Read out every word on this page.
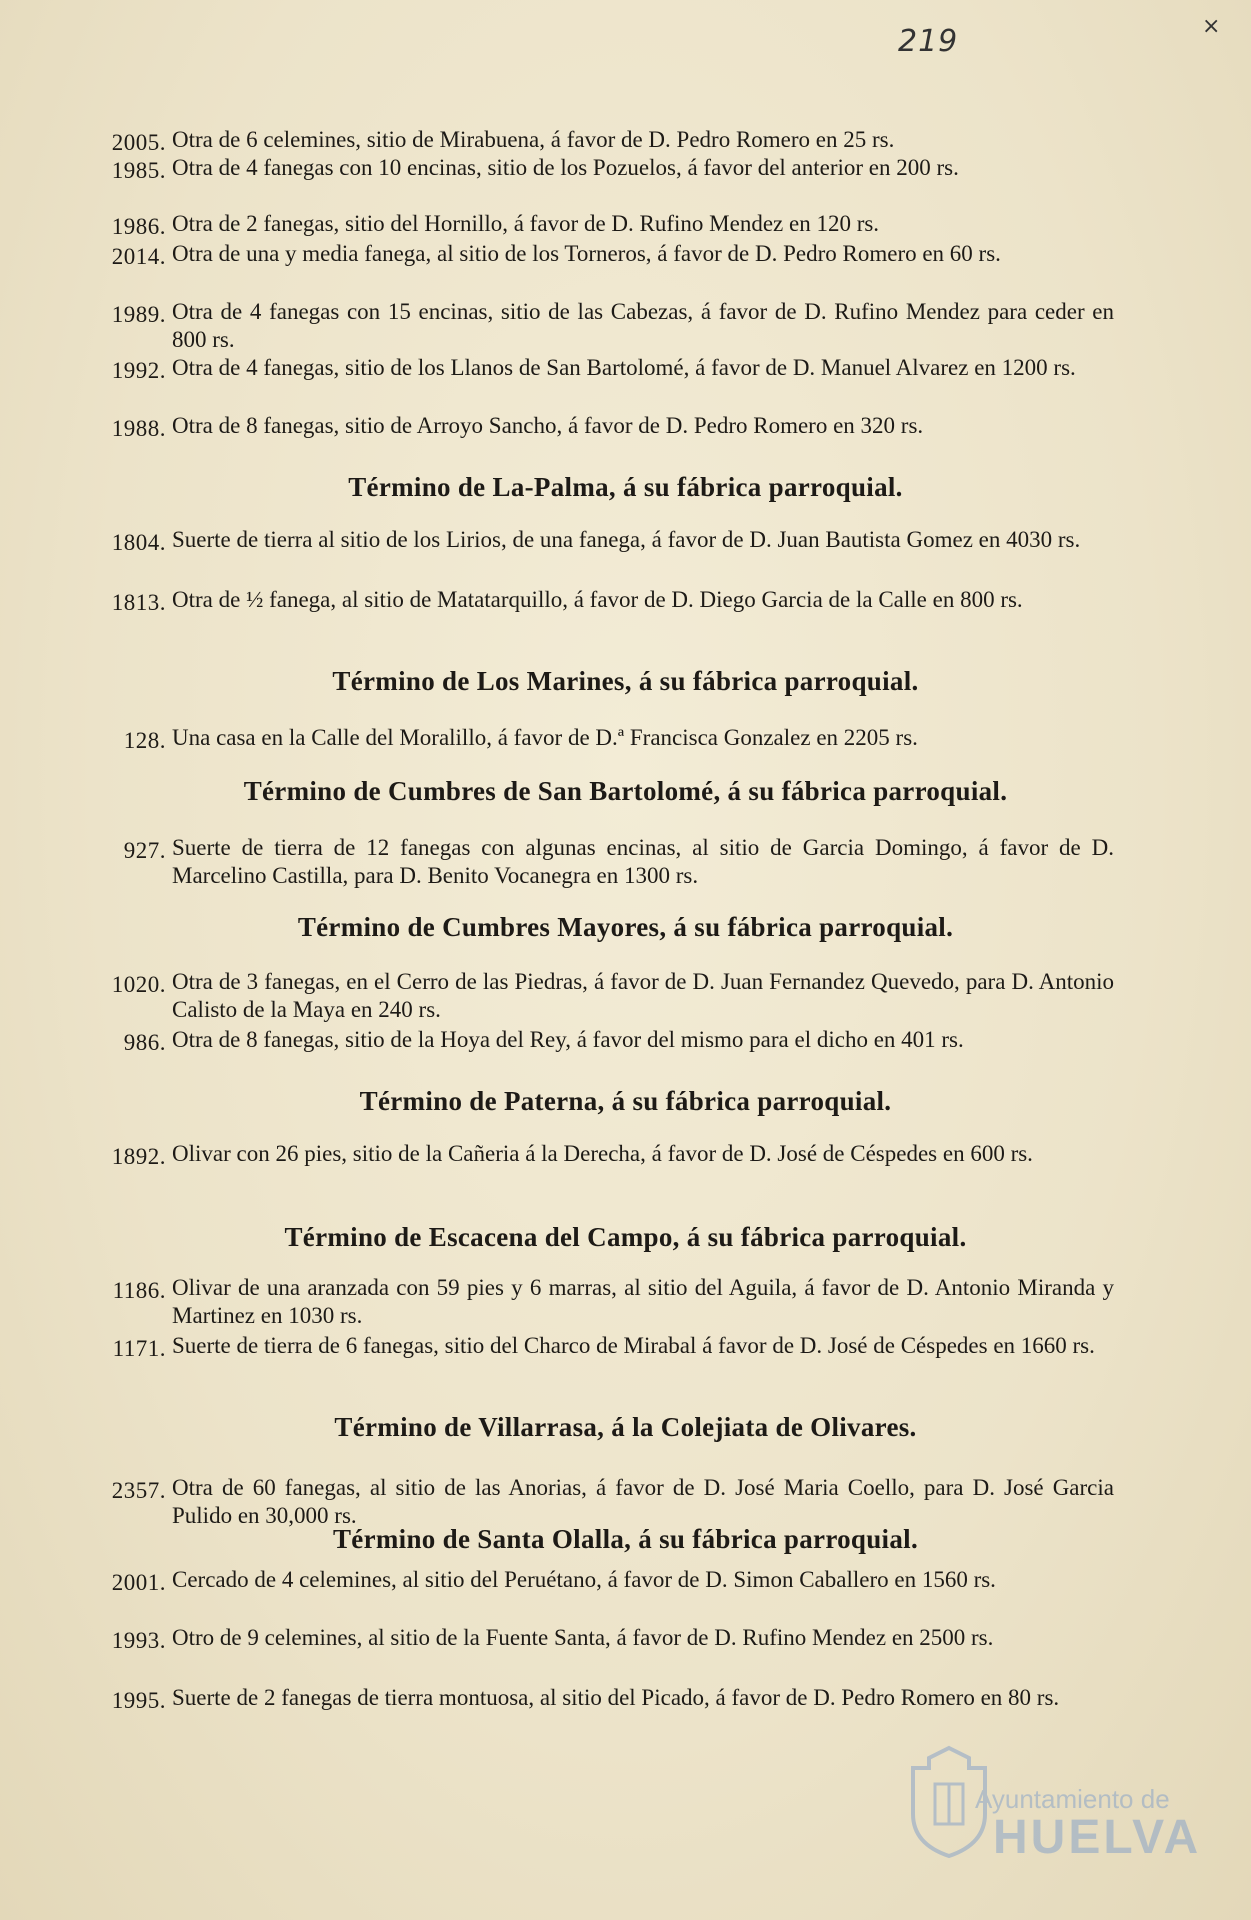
219	×
2005. Otra de 6 celemines, sitio de Mirabuena, á favor de D. Pedro Romero en 25 rs.
1985. Otra de 4 fanegas con 10 encinas, sitio de los Pozuelos, á favor del anterior en 200 rs.
1986. Otra de 2 fanegas, sitio del Hornillo, á favor de D. Rufino Mendez en 120 rs.
2014. Otra de una y media fanega, al sitio de los Torneros, á favor de D. Pedro Romero en 60 rs.
1989. Otra de 4 fanegas con 15 encinas, sitio de las Cabezas, á favor de D. Rufino Mendez para ceder en 800 rs.
1992. Otra de 4 fanegas, sitio de los Llanos de San Bartolomé, á favor de D. Manuel Alvarez en 1200 rs.
1988. Otra de 8 fanegas, sitio de Arroyo Sancho, á favor de D. Pedro Romero en 320 rs.
Término de La-Palma, á su fábrica parroquial.
1804. Suerte de tierra al sitio de los Lirios, de una fanega, á favor de D. Juan Bautista Gomez en 4030 rs.
1813. Otra de ½ fanega, al sitio de Matatarquillo, á favor de D. Diego Garcia de la Calle en 800 rs.
Término de Los Marines, á su fábrica parroquial.
128. Una casa en la Calle del Moralillo, á favor de D.ª Francisca Gonzalez en 2205 rs.
Término de Cumbres de San Bartolomé, á su fábrica parroquial.
927. Suerte de tierra de 12 fanegas con algunas encinas, al sitio de Garcia Domingo, á favor de D. Marcelino Castilla, para D. Benito Vocanegra en 1300 rs.
Término de Cumbres Mayores, á su fábrica parroquial.
1020. Otra de 3 fanegas, en el Cerro de las Piedras, á favor de D. Juan Fernandez Quevedo, para D. Antonio Calisto de la Maya en 240 rs.
986. Otra de 8 fanegas, sitio de la Hoya del Rey, á favor del mismo para el dicho en 401 rs.
Término de Paterna, á su fábrica parroquial.
1892. Olivar con 26 pies, sitio de la Cañeria á la Derecha, á favor de D. José de Céspedes en 600 rs.
Término de Escacena del Campo, á su fábrica parroquial.
1186. Olivar de una aranzada con 59 pies y 6 marras, al sitio del Aguila, á favor de D. Antonio Miranda y Martinez en 1030 rs.
1171. Suerte de tierra de 6 fanegas, sitio del Charco de Mirabal á favor de D. José de Céspedes en 1660 rs.
Término de Villarrasa, á la Colejiata de Olivares.
2357. Otra de 60 fanegas, al sitio de las Anorias, á favor de D. José Maria Coello, para D. José Garcia Pulido en 30,000 rs.
Término de Santa Olalla, á su fábrica parroquial.
2001. Cercado de 4 celemines, al sitio del Peruétano, á favor de D. Simon Caballero en 1560 rs.
1993. Otro de 9 celemines, al sitio de la Fuente Santa, á favor de D. Rufino Mendez en 2500 rs.
1995. Suerte de 2 fanegas de tierra montuosa, al sitio del Picado, á favor de D. Pedro Romero en 80 rs.
Ayuntamiento de
HUELVA
